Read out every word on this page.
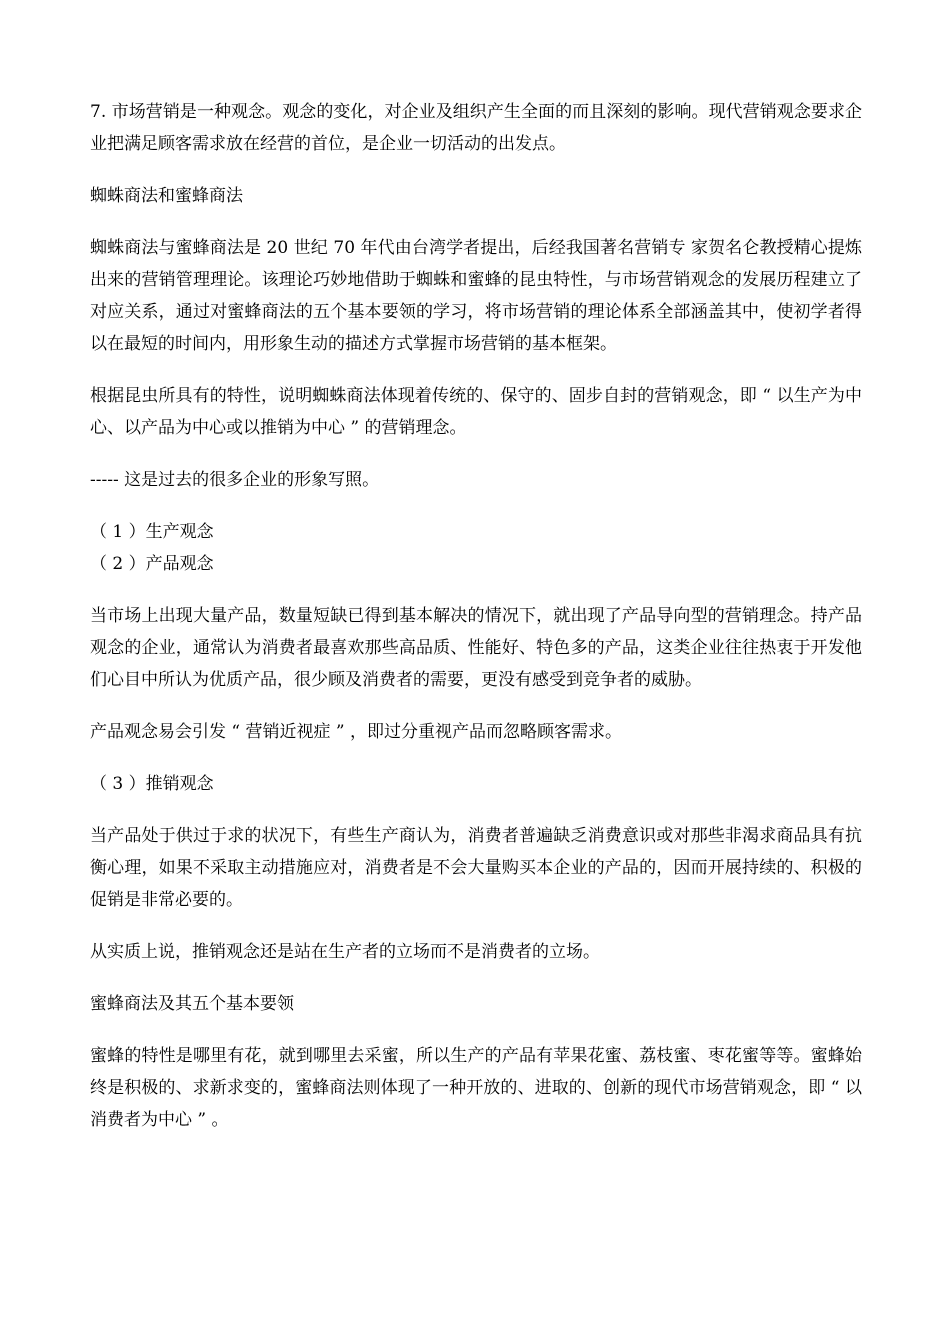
7. 市场营销是一种观念。观念的变化，对企业及组织产生全面的而且深刻的影响。现代营销观念要求企业把满足顾客需求放在经营的首位，是企业一切活动的出发点。

蜘蛛商法和蜜蜂商法

蜘蛛商法与蜜蜂商法是 20 世纪 70 年代由台湾学者提出，后经我国著名营销专 家贺名仑教授精心提炼出来的营销管理理论。该理论巧妙地借助于蜘蛛和蜜蜂的昆虫特性，与市场营销观念的发展历程建立了对应关系，通过对蜜蜂商法的五个基本要领的学习，将市场营销的理论体系全部涵盖其中，使初学者得以在最短的时间内，用形象生动的描述方式掌握市场营销的基本框架。

根据昆虫所具有的特性，说明蜘蛛商法体现着传统的、保守的、固步自封的营销观念，即 “ 以生产为中心、以产品为中心或以推销为中心 ” 的营销理念。

----- 这是过去的很多企业的形象写照。

（ 1 ）生产观念

（ 2 ）产品观念

当市场上出现大量产品，数量短缺已得到基本解决的情况下，就出现了产品导向型的营销理念。持产品观念的企业，通常认为消费者最喜欢那些高品质、性能好、特色多的产品，这类企业往往热衷于开发他们心目中所认为优质产品，很少顾及消费者的需要，更没有感受到竞争者的威胁。

产品观念易会引发 “ 营销近视症 ” ，即过分重视产品而忽略顾客需求。

（ 3 ）推销观念

当产品处于供过于求的状况下，有些生产商认为，消费者普遍缺乏消费意识或对那些非渴求商品具有抗衡心理，如果不采取主动措施应对，消费者是不会大量购买本企业的产品的，因而开展持续的、积极的促销是非常必要的。

从实质上说，推销观念还是站在生产者的立场而不是消费者的立场。

蜜蜂商法及其五个基本要领

蜜蜂的特性是哪里有花，就到哪里去采蜜，所以生产的产品有苹果花蜜、荔枝蜜、枣花蜜等等。蜜蜂始终是积极的、求新求变的，蜜蜂商法则体现了一种开放的、进取的、创新的现代市场营销观念，即 “ 以消费者为中心 ” 。
